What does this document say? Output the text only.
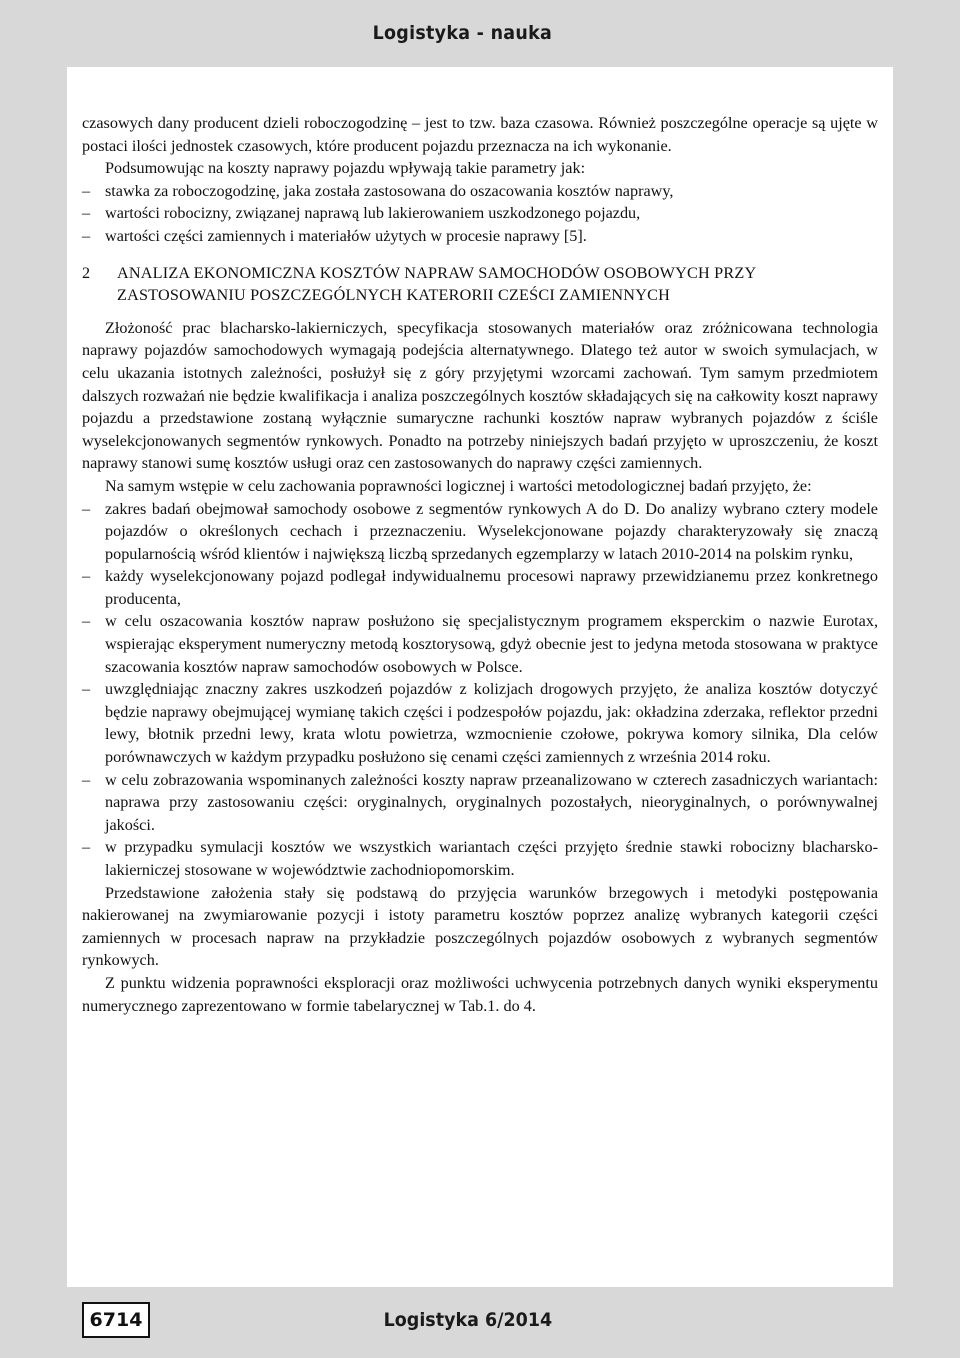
Logistyka - nauka

czasowych dany producent dzieli roboczogodzinę – jest to tzw. baza czasowa. Również poszczególne operacje są ujęte w postaci ilości jednostek czasowych, które producent pojazdu przeznacza na ich wykonanie.

Podsumowując na koszty naprawy pojazdu wpływają takie parametry jak:

– stawka za roboczogodzinę, jaka została zastosowana do oszacowania kosztów naprawy,
– wartości robocizny, związanej naprawą lub lakierowaniem uszkodzonego pojazdu,
– wartości części zamiennych i materiałów użytych w procesie naprawy [5].
2 ANALIZA EKONOMICZNA KOSZTÓW NAPRAW SAMOCHODÓW OSOBOWYCH PRZY ZASTOSOWANIU POSZCZEGÓLNYCH KATERORII CZEŚCI ZAMIENNYCH

Złożoność prac blacharsko-lakierniczych, specyfikacja stosowanych materiałów oraz zróżnicowana technologia naprawy pojazdów samochodowych wymagają podejścia alternatywnego. Dlatego też autor w swoich symulacjach, w celu ukazania istotnych zależności, posłużył się z góry przyjętymi wzorcami zachowań. Tym samym przedmiotem dalszych rozważań nie będzie kwalifikacja i analiza poszczególnych kosztów składających się na całkowity koszt naprawy pojazdu a przedstawione zostaną wyłącznie sumaryczne rachunki kosztów napraw wybranych pojazdów z ściśle wyselekcjonowanych segmentów rynkowych. Ponadto na potrzeby niniejszych badań przyjęto w uproszczeniu, że koszt naprawy stanowi sumę kosztów usługi oraz cen zastosowanych do naprawy części zamiennych.

Na samym wstępie w celu zachowania poprawności logicznej i wartości metodologicznej badań przyjęto, że:

– zakres badań obejmował samochody osobowe z segmentów rynkowych A do D. Do analizy wybrano cztery modele pojazdów o określonych cechach i przeznaczeniu. Wyselekcjonowane pojazdy charakteryzowały się znaczą popularnością wśród klientów i największą liczbą sprzedanych egzemplarzy w latach 2010-2014 na polskim rynku,
– każdy wyselekcjonowany pojazd podlegał indywidualnemu procesowi naprawy przewidzianemu przez konkretnego producenta,
– w celu oszacowania kosztów napraw posłużono się specjalistycznym programem eksperckim o nazwie Eurotax, wspierając eksperyment numeryczny metodą kosztorysową, gdyż obecnie jest to jedyna metoda stosowana w praktyce szacowania kosztów napraw samochodów osobowych w Polsce.
– uwzględniając znaczny zakres uszkodzeń pojazdów z kolizjach drogowych przyjęto, że analiza kosztów dotyczyć będzie naprawy obejmującej wymianę takich części i podzespołów pojazdu, jak: okładzina zderzaka, reflektor przedni lewy, błotnik przedni lewy, krata wlotu powietrza, wzmocnienie czołowe, pokrywa komory silnika, Dla celów porównawczych w każdym przypadku posłużono się cenami części zamiennych z września 2014 roku.
– w celu zobrazowania wspominanych zależności koszty napraw przeanalizowano w czterech zasadniczych wariantach: naprawa przy zastosowaniu części: oryginalnych, oryginalnych pozostałych, nieoryginalnych, o porównywalnej jakości.
– w przypadku symulacji kosztów we wszystkich wariantach części przyjęto średnie stawki robocizny blacharsko-lakierniczej stosowane w województwie zachodniopomorskim.

Przedstawione założenia stały się podstawą do przyjęcia warunków brzegowych i metodyki postępowania nakierowanej na zwymiarowanie pozycji i istoty parametru kosztów poprzez analizę wybranych kategorii części zamiennych w procesach napraw na przykładzie poszczególnych pojazdów osobowych z wybranych segmentów rynkowych.

Z punktu widzenia poprawności eksploracji oraz możliwości uchwycenia potrzebnych danych wyniki eksperymentu numerycznego zaprezentowano w formie tabelarycznej w Tab.1. do 4.

6714	Logistyka 6/2014
